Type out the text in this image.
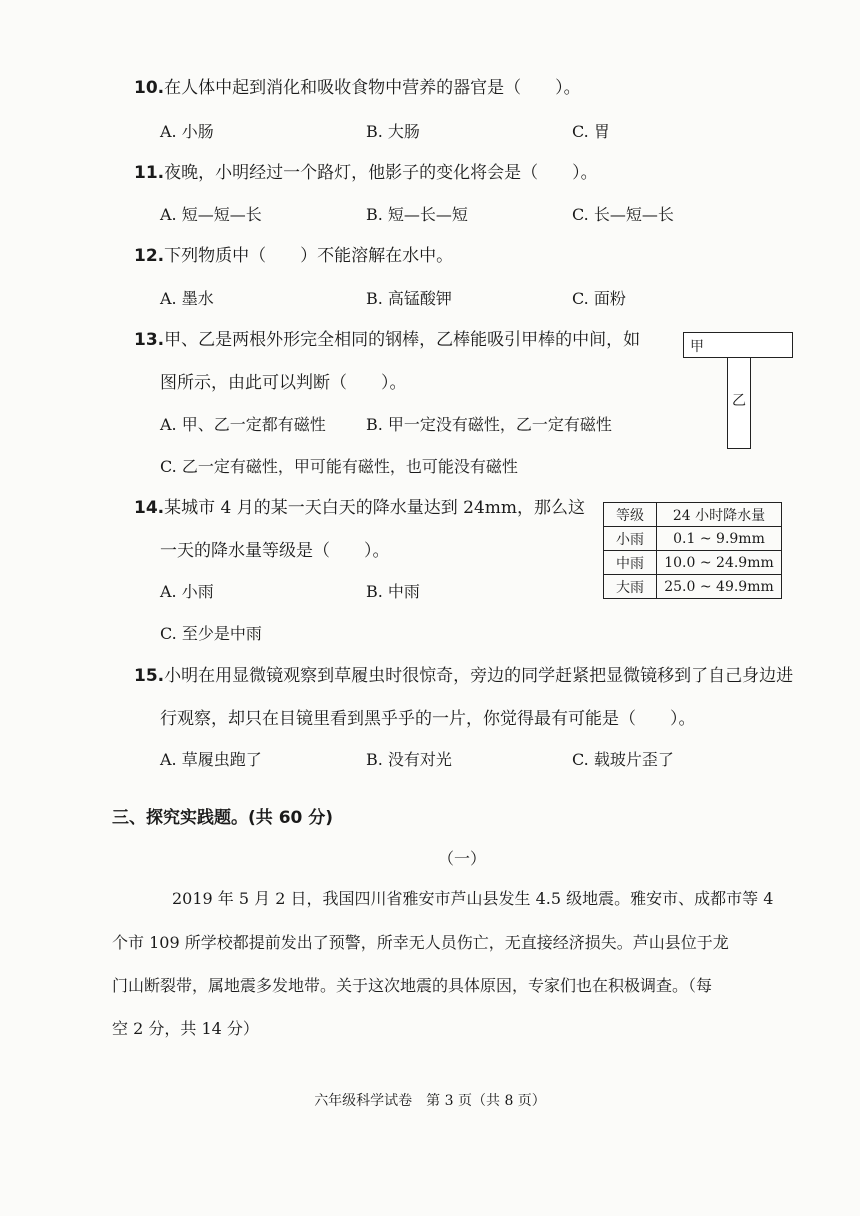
10.在人体中起到消化和吸收食物中营养的器官是（　　）。
A. 小肠	B. 大肠	C. 胃
11.夜晚，小明经过一个路灯，他影子的变化将会是（　　）。
A. 短—短—长	B. 短—长—短	C. 长—短—长
12.下列物质中（　　）不能溶解在水中。
A. 墨水	B. 高锰酸钾	C. 面粉
13.甲、乙是两根外形完全相同的钢棒，乙棒能吸引甲棒的中间，如
图所示，由此可以判断（　　）。
A. 甲、乙一定都有磁性	B. 甲一定没有磁性，乙一定有磁性
C. 乙一定有磁性，甲可能有磁性，也可能没有磁性
甲
乙
14.某城市 4 月的某一天白天的降水量达到 24mm，那么这
一天的降水量等级是（　　）。
A. 小雨	B. 中雨
C. 至少是中雨
等级	24 小时降水量
小雨	0.1 ~ 9.9mm
中雨	10.0 ~ 24.9mm
大雨	25.0 ~ 49.9mm
15.小明在用显微镜观察到草履虫时很惊奇，旁边的同学赶紧把显微镜移到了自己身边进
行观察，却只在目镜里看到黑乎乎的一片，你觉得最有可能是（　　）。
A. 草履虫跑了	B. 没有对光	C. 载玻片歪了
三、探究实践题。(共 60 分)
（一）
2019 年 5 月 2 日，我国四川省雅安市芦山县发生 4.5 级地震。雅安市、成都市等 4
个市 109 所学校都提前发出了预警，所幸无人员伤亡，无直接经济损失。芦山县位于龙
门山断裂带，属地震多发地带。关于这次地震的具体原因，专家们也在积极调查。（每
空 2 分，共 14 分）
六年级科学试卷　第 3 页（共 8 页）
